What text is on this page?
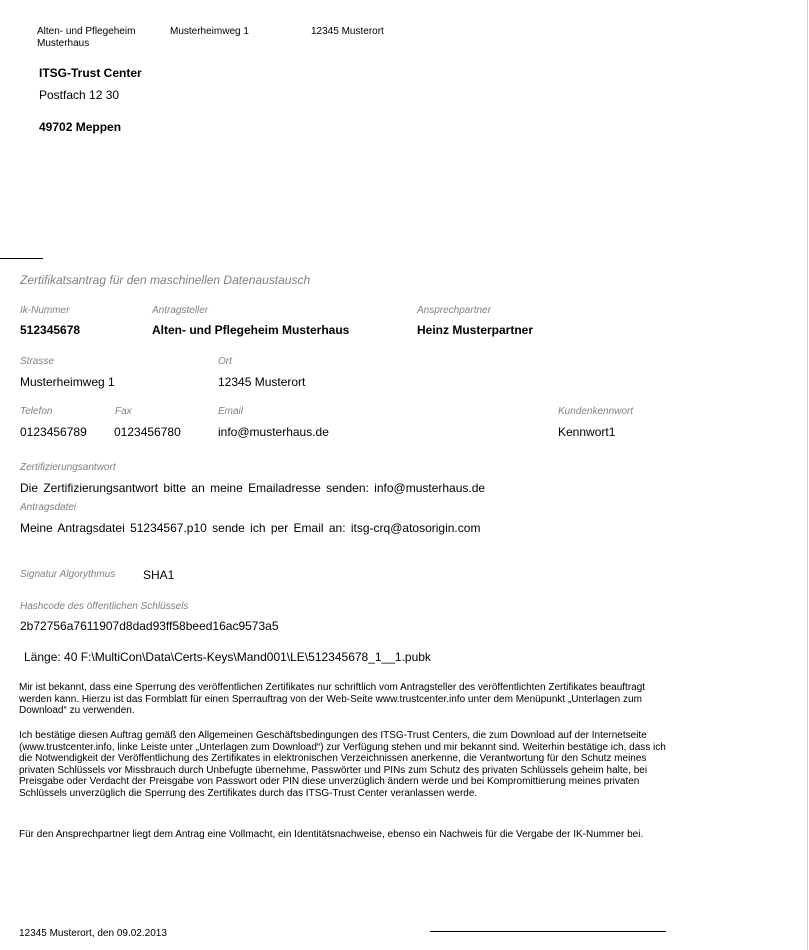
Alten- und Pflegeheim Musterhaus
Musterheimweg 1	12345 Musterort
ITSG-Trust Center
Postfach 12 30
49702 Meppen
Zertifikatsantrag für den maschinellen Datenaustausch
Ik-Nummer
512345678
Antragsteller
Alten- und Pflegeheim Musterhaus
Ansprechpartner
Heinz Musterpartner
Strasse
Musterheimweg 1
Ort
12345 Musterort
Telefon
0123456789
Fax
0123456780
Email
info@musterhaus.de
Kundenkennwort
Kennwort1
Zertifizierungsantwort
Die Zertifizierungsantwort bitte an meine Emailadresse senden: info@musterhaus.de
Antragsdatei
Meine Antragsdatei 51234567.p10 sende ich per Email an: itsg-crq@atosorigin.com
Signatur Algorythmus SHA1
Hashcode des öffentlichen Schlüssels
2b72756a7611907d8dad93ff58beed16ac9573a5
Länge: 40 F:\MultiCon\Data\Certs-Keys\Mand001\LE\512345678_1__1.pubk
Mir ist bekannt, dass eine Sperrung des veröffentlichen Zertifikates nur schriftlich vom Antragsteller des veröffentlichten Zertifikates beauftragt werden kann. Hierzu ist das Formblatt für einen Sperrauftrag von der Web-Seite www.trustcenter.info unter dem Menüpunkt „Unterlagen zum Download“ zu verwenden.
Ich bestätige diesen Auftrag gemäß den Allgemeinen Geschäftsbedingungen des ITSG-Trust Centers, die zum Download auf der Internetseite (www.trustcenter.info, linke Leiste unter „Unterlagen zum Download“) zur Verfügung stehen und mir bekannt sind. Weiterhin bestätige ich, dass ich die Notwendigkeit der Veröffentlichung des Zertifikates in elektronischen Verzeichnissen anerkenne, die Verantwortung für den Schutz meines privaten Schlüssels vor Missbrauch durch Unbefugte übernehme, Passwörter und PINs zum Schutz des privaten Schlüssels geheim halte, bei Preisgabe oder Verdacht der Preisgabe von Passwort oder PIN diese unverzüglich ändern werde und bei Kompromittierung meines privaten Schlüssels unverzüglich die Sperrung des Zertifikates durch das ITSG-Trust Center veranlassen werde.
Für den Ansprechpartner liegt dem Antrag eine Vollmacht, ein Identitätsnachweise, ebenso ein Nachweis für die Vergabe der IK-Nummer bei.
12345 Musterort, den 09.02.2013
